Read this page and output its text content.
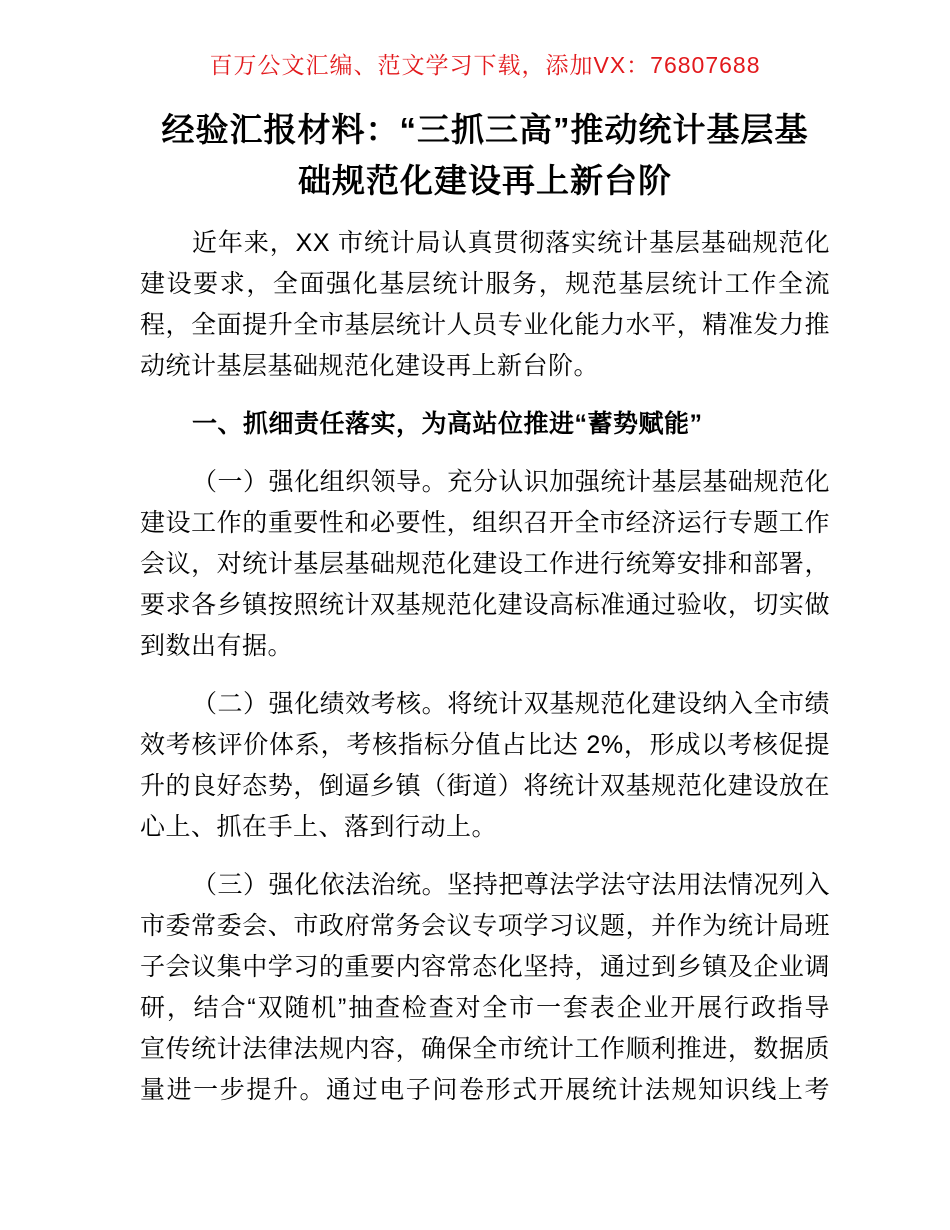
百万公文汇编、范文学习下载，添加VX：76807688
经验汇报材料：“三抓三高”推动统计基层基
础规范化建设再上新台阶
近年来，XX 市统计局认真贯彻落实统计基层基础规范化
建设要求，全面强化基层统计服务，规范基层统计工作全流
程，全面提升全市基层统计人员专业化能力水平，精准发力推
动统计基层基础规范化建设再上新台阶。
一、抓细责任落实，为高站位推进“蓄势赋能”
（一）强化组织领导。充分认识加强统计基层基础规范化
建设工作的重要性和必要性，组织召开全市经济运行专题工作
会议，对统计基层基础规范化建设工作进行统筹安排和部署，
要求各乡镇按照统计双基规范化建设高标准通过验收，切实做
到数出有据。
（二）强化绩效考核。将统计双基规范化建设纳入全市绩
效考核评价体系，考核指标分值占比达 2%，形成以考核促提
升的良好态势，倒逼乡镇（街道）将统计双基规范化建设放在
心上、抓在手上、落到行动上。
（三）强化依法治统。坚持把尊法学法守法用法情况列入
市委常委会、市政府常务会议专项学习议题，并作为统计局班
子会议集中学习的重要内容常态化坚持，通过到乡镇及企业调
研，结合“双随机”抽查检查对全市一套表企业开展行政指导
宣传统计法律法规内容，确保全市统计工作顺利推进，数据质
量进一步提升。通过电子问卷形式开展统计法规知识线上考
